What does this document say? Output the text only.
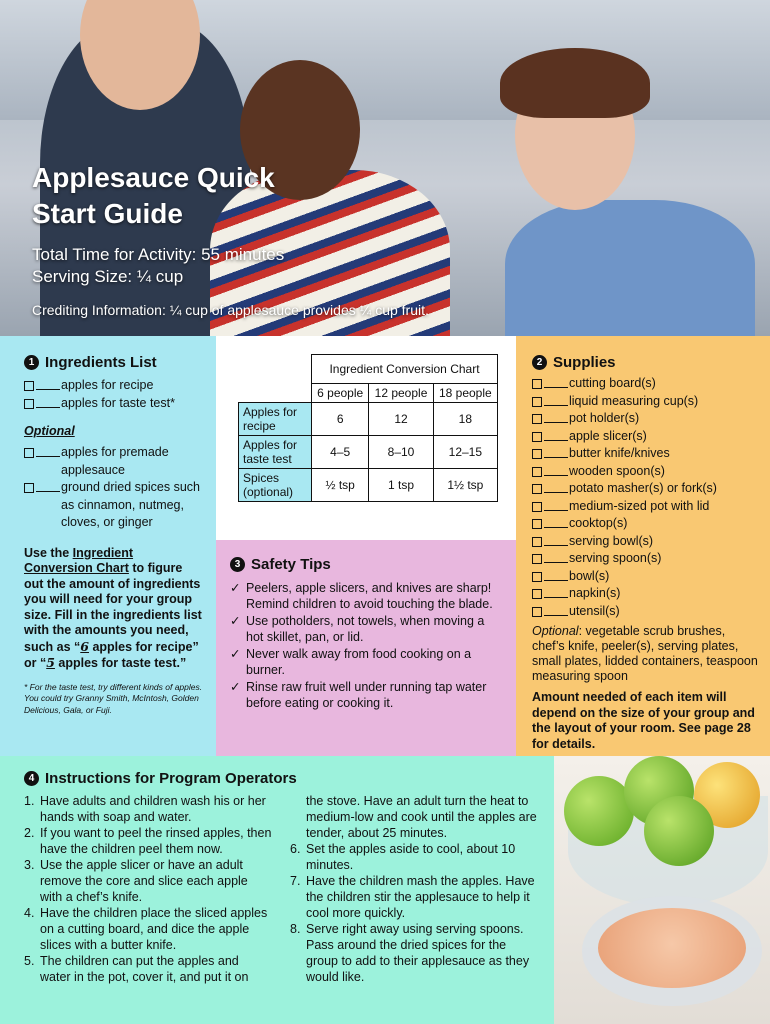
Applesauce Quick Start Guide
Total Time for Activity: 55 minutes
Serving Size: ¼ cup
Crediting Information: ¼ cup of applesauce provides ¼ cup fruit.
1 Ingredients List
apples for recipe
apples for taste test*
Optional
apples for premade applesauce
ground dried spices such as cinnamon, nutmeg, cloves, or ginger
Use the Ingredient Conversion Chart to figure out the amount of ingredients you will need for your group size. Fill in the ingredients list with the amounts you need, such as “6 apples for recipe” or “5 apples for taste test.”
* For the taste test, try different kinds of apples. You could try Granny Smith, McIntosh, Golden Delicious, Gala, or Fuji.
	Ingredient Conversion Chart		
	6 people	12 people	18 people
Apples for recipe	6	12	18
Apples for taste test	4–5	8–10	12–15
Spices (optional)	½ tsp	1 tsp	1½ tsp
3 Safety Tips
✓ Peelers, apple slicers, and knives are sharp! Remind children to avoid touching the blade.
✓ Use potholders, not towels, when moving a hot skillet, pan, or lid.
✓ Never walk away from food cooking on a burner.
✓ Rinse raw fruit well under running tap water before eating or cooking it.
2 Supplies
cutting board(s)
liquid measuring cup(s)
pot holder(s)
apple slicer(s)
butter knife/knives
wooden spoon(s)
potato masher(s) or fork(s)
medium-sized pot with lid
cooktop(s)
serving bowl(s)
serving spoon(s)
bowl(s)
napkin(s)
utensil(s)
Optional: vegetable scrub brushes, chef’s knife, peeler(s), serving plates, small plates, lidded containers, teaspoon measuring spoon
Amount needed of each item will depend on the size of your group and the layout of your room. See page 28 for details.
4 Instructions for Program Operators
1. Have adults and children wash his or her hands with soap and water.
2. If you want to peel the rinsed apples, then have the children peel them now.
3. Use the apple slicer or have an adult remove the core and slice each apple with a chef’s knife.
4. Have the children place the sliced apples on a cutting board, and dice the apple slices with a butter knife.
5. The children can put the apples and water in the pot, cover it, and put it on
the stove. Have an adult turn the heat to medium-low and cook until the apples are tender, about 25 minutes.
6. Set the apples aside to cool, about 10 minutes.
7. Have the children mash the apples. Have the children stir the applesauce to help it cool more quickly.
8. Serve right away using serving spoons. Pass around the dried spices for the group to add to their applesauce as they would like.
